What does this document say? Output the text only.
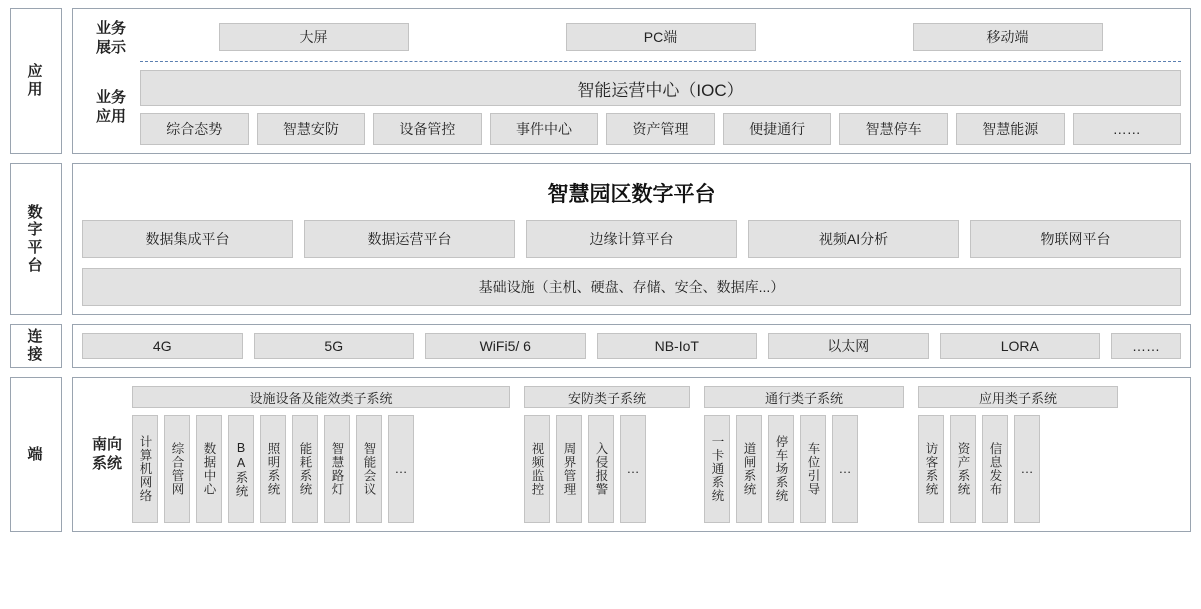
应用
业务展示
大屏	PC端	移动端
业务应用
智能运营中心（IOC）
综合态势	智慧安防	设备管控	事件中心	资产管理	便捷通行	智慧停车	智慧能源	……
数字平台
智慧园区数字平台
数据集成平台	数据运营平台	边缘计算平台	视频AI分析	物联网平台
基础设施（主机、硬盘、存储、安全、数据库...）
连接	4G	5G	WiFi5/ 6	NB-IoT	以太网	LORA	……
端
南向系统
设施设备及能效类子系统
计算机网络	综合管网	数据中心	BA系统	照明系统	能耗系统	智慧路灯	智能会议	…
安防类子系统
视频监控	周界管理	入侵报警	…
通行类子系统
一卡通系统	道闸系统	停车场系统	车位引导	…
应用类子系统
访客系统	资产系统	信息发布	…
